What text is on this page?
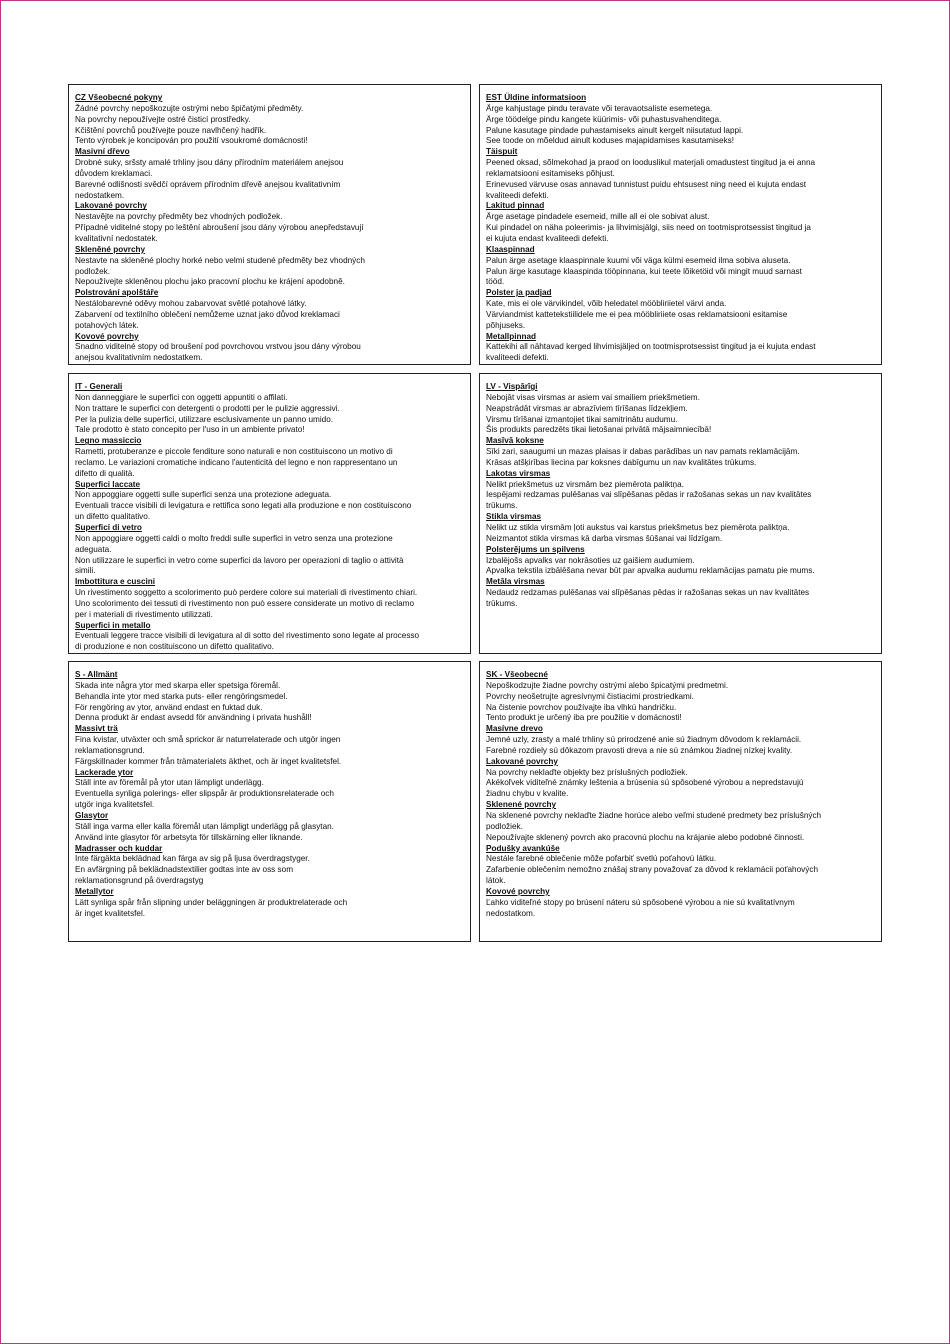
CZ Všeobecné pokyny
Žádné povrchy nepoškozujte ostrými nebo špičatými předměty.
Na povrchy nepoužívejte ostré čisticí prostředky.
Kčištění povrchů používejte pouze navlhčený hadřík.
Tento výrobek je koncipován pro použití vsoukromé domácnosti!
Masivní dřevo
Drobné suky, sršsty amalé trhliny jsou dány přírodním materiálem anejsou
důvodem kreklamaci.
Barevné odlišnosti svědčí oprávem přírodním dřevě anejsou kvalitativním
nedostatkem.
Lakované povrchy
Nestavějte na povrchy předměty bez vhodných podložek.
Případné viditelné stopy po leštění abroušení jsou dány výrobou anepředstavují
kvalitativní nedostatek.
Skleněné povrchy
Nestavte na skleněné plochy horké nebo velmi studené předměty bez vhodných
podložek.
Nepoužívejte skleněnou plochu jako pracovní plochu ke krájení apodobně.
Polstrování apolštáře
Nestálobarevné oděvy mohou zabarvovat světlé potahové látky.
Zabarvení od textilního oblečení nemůžeme uznat jako důvod kreklamaci
potahových látek.
Kovové povrchy
Snadno viditelné stopy od broušení pod povrchovou vrstvou jsou dány výrobou
anejsou kvalitativním nedostatkem.
EST Üldine informatsioon
Ärge kahjustage pindu teravate või teravaotsaliste esemetega.
Ärge töödelge pindu kangete küürimis- või puhastusvahenditega.
Palune kasutage pindade puhastamiseks ainult kergelt niisutatud lappi.
See toode on mõeldud ainult koduses majapidamises kasutamiseks!
Täispuit
Peened oksad, sõlmekohad ja praod on looduslikul materjali omadustest tingitud ja ei anna
reklamatsiooni esitamiseks põhjust.
Erinevused värvuse osas annavad tunnistust puidu ehtsusest ning need ei kujuta endast
kvaliteedi defekti.
Lakitud pinnad
Ärge asetage pindadele esemeid, mille all ei ole sobivat alust.
Kui pindadel on näha poleerimis- ja lihvimisjälgi, siis need on tootmisprotsessist tingitud ja
ei kujuta endast kvaliteedi defekti.
Klaaspinnad
Palun ärge asetage klaaspinnale kuumi või väga külmi esemeid ilma sobiva aluseta.
Palun ärge kasutage klaaspinda tööpinnana, kui teete lõiketöid või mingit muud sarnast
tööd.
Polster ja padjad
Kate, mis ei ole värvikindel, võib heledatel mööbliriietel värvi anda.
Värviandmist kattetekstiilidele me ei pea mööbliriiete osas reklamatsiooni esitamise
põhjuseks.
Metallpinnad
Kattekihi all nähtavad kerged lihvimisjäljed on tootmisprotsessist tingitud ja ei kujuta endast
kvaliteedi defekti.
IT - Generali
Non danneggiare le superfici con oggetti appuntiti o affilati.
Non trattare le superfici con detergenti o prodotti per le pulizie aggressivi.
Per la pulizia delle superfici, utilizzare esclusivamente un panno umido.
Tale prodotto è stato concepito per l'uso in un ambiente privato!
Legno massiccio
Rametti, protuberanze e piccole fenditure sono naturali e non costituiscono un motivo di
reclamo. Le variazioni cromatiche indicano l'autenticità del legno e non rappresentano un
difetto di qualità.
Superfici laccate
Non appoggiare oggetti sulle superfici senza una protezione adeguata.
Eventuali tracce visibili di levigatura e rettifica sono legati alla produzione e non costituiscono
un difetto qualitativo.
Superfici di vetro
Non appoggiare oggetti caldi o molto freddi sulle superfici in vetro senza una protezione
adeguata.
Non utilizzare le superfici in vetro come superfici da lavoro per operazioni di taglio o attività
simili.
Imbottitura e cuscini
Un rivestimento soggetto a scolorimento può perdere colore sui materiali di rivestimento chiari.
Uno scolorimento dei tessuti di rivestimento non può essere considerate un motivo di reclamo
per i materiali di rivestimento utilizzati.
Superfici in metallo
Eventuali leggere tracce visibili di levigatura al di sotto del rivestimento sono legate al processo
di produzione e non costituiscono un difetto qualitativo.
LV - Vispārīgi
Nebojāt visas virsmas ar asiem vai smailiem priekšmetiem.
Neapstrādāt virsmas ar abrazīviem tīrīšanas līdzekļiem.
Virsmu tīrīšanai izmantojiet tikai samitrinātu audumu.
Šis produkts paredzēts tikai lietošanai privātā mājsaimniecībā!
Masīvā koksne
Sīki zari, saaugumi un mazas plaisas ir dabas parādības un nav pamats reklamācijām.
Krāsas atšķirības liecina par koksnes dabīgumu un nav kvalitātes trūkums.
Lakotas virsmas
Nelikt priekšmetus uz virsmām bez piemērota paliktņa.
Iespējami redzamas pulēšanas vai slīpēšanas pēdas ir ražošanas sekas un nav kvalitātes
trūkums.
Stikla virsmas
Nelikt uz stikla virsmām ļoti aukstus vai karstus priekšmetus bez piemērota paliktņa.
Neizmantot stikla virsmas kā darba virsmas šūšanai vai līdzīgam.
Polsterējums un spilvens
Izbalējošs apvalks var nokrāsoties uz gaišiem audumiem.
Apvalka tekstila izbālēšana nevar būt par apvalka audumu reklamācijas pamatu pie mums.
Metāla virsmas
Nedaudz redzamas pulēšanas vai slīpēšanas pēdas ir ražošanas sekas un nav kvalitātes
trūkums.
S - Allmänt
Skada inte några ytor med skarpa eller spetsiga föremål.
Behandla inte ytor med starka puts- eller rengöringsmedel.
För rengöring av ytor, använd endast en fuktad duk.
Denna produkt är endast avsedd för användning i privata hushåll!
Massivt trä
Fina kvistar, utväxter och små sprickor är naturrelaterade och utgör ingen
reklamationsgrund.
Färgskillnader kommer från trämaterialets äkthet, och är inget kvalitetsfel.
Lackerade ytor
Ställ inte av föremål på ytor utan lämpligt underlägg.
Eventuella synliga polerings- eller slipspår är produktionsrelaterade och
utgör inga kvalitetsfel.
Glasytor
Ställ inga varma eller kalla föremål utan lämpligt underlägg på glasytan.
Använd inte glasytor för arbetsyta för tillskärning eller liknande.
Madrasser och kuddar
Inte färgäkta beklädnad kan färga av sig på ljusa överdragstyger.
En avfärgning på beklädnadstextilier godtas inte av oss som
reklamationsgrund på överdragstyg
Metallytor
Lätt synliga spår från slipning under beläggningen är produktrelaterade och
är inget kvalitetsfel.
SK - Všeobecné
Nepoškodzujte žiadne povrchy ostrými alebo špicatými predmetmi.
Povrchy neošetrujte agresívnymi čistiacimi prostriedkami.
Na čistenie povrchov používajte iba vlhkú handričku.
Tento produkt je určený iba pre použitie v domácnosti!
Masívne drevo
Jemné uzly, zrasty a malé trhliny sú prirodzené anie sú žiadnym dôvodom k reklamácii.
Farebné rozdiely sú dôkazom pravosti dreva a nie sú známkou žiadnej nízkej kvality.
Lakované povrchy
Na povrchy neklaďte objekty bez príslušných podložiek.
Akékoľvek viditeľné známky leštenia a brúsenia sú spôsobené výrobou a nepredstavujú
žiadnu chybu v kvalite.
Sklenené povrchy
Na sklenené povrchy neklaďte žiadne horúce alebo veľmi studené predmety bez príslušných
podložiek.
Nepoužívajte sklenený povrch ako pracovnú plochu na krájanie alebo podobné činnosti.
Podušky avankúše
Nestále farebné oblečenie môže pofarbiť svetlú poťahovú látku.
Zafarbenie oblečením nemožno znášaj strany považovať za dôvod k reklamácii poťahových
látok.
Kovové povrchy
Ľahko viditeľné stopy po brúsení náteru sú spôsobené výrobou a nie sú kvalitatívnym
nedostatkom.
